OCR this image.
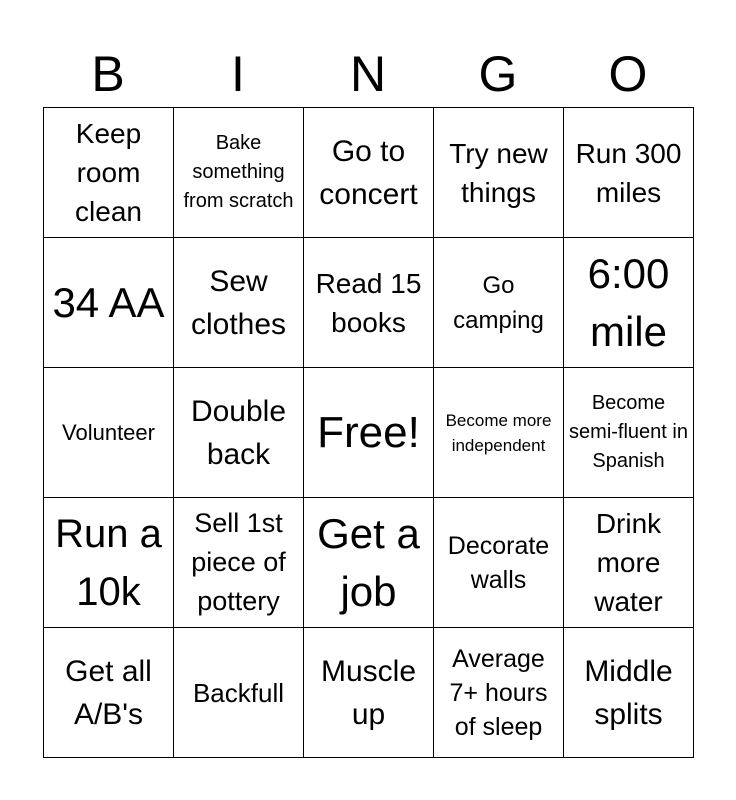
B	I	N	G	O
Keep room clean	Bake something from scratch	Go to concert	Try new things	Run 300 miles
34 AA	Sew clothes	Read 15 books	Go camping	6:00 mile
Volunteer	Double back	Free!	Become more independent	Become semi-fluent in Spanish
Run a 10k	Sell 1st piece of pottery	Get a job	Decorate walls	Drink more water
Get all A/B's	Backfull	Muscle up	Average 7+ hours of sleep	Middle splits
